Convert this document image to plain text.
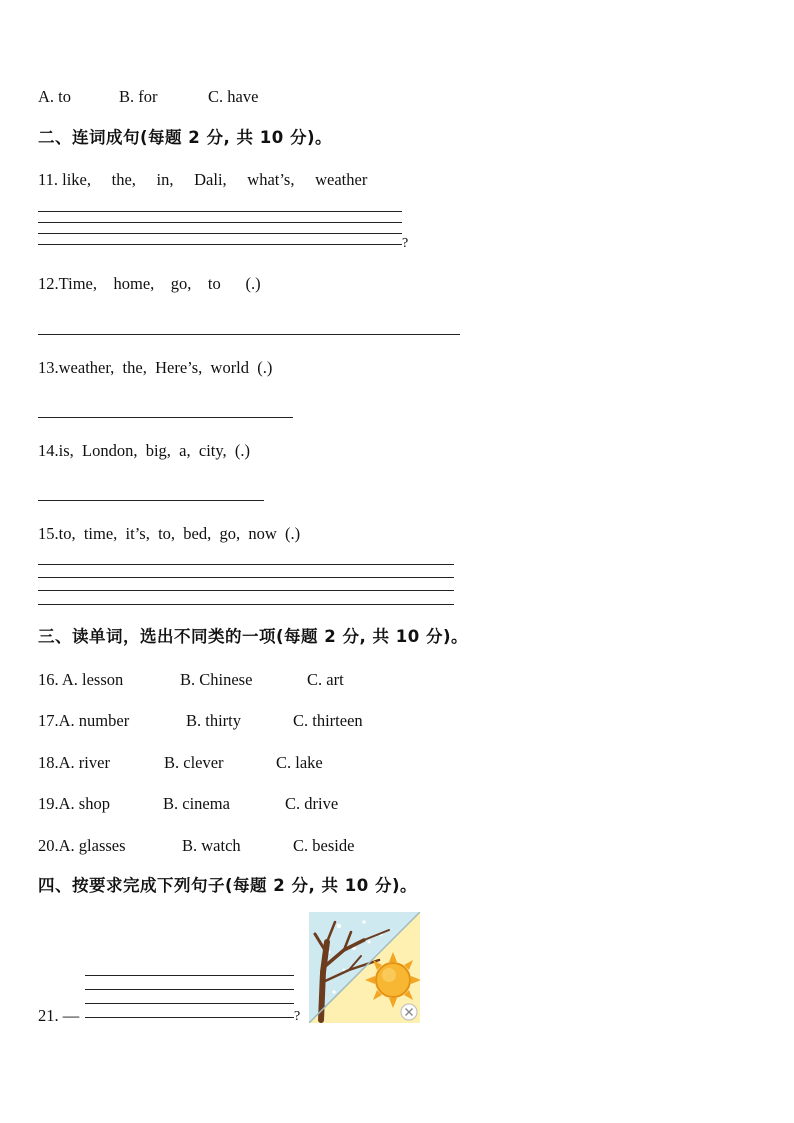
A. to	B. for	C. have
二、连词成句(每题 2 分, 共 10 分)。
11. like,     the,     in,     Dali,     what’s,     weather
?
12.Time,    home,    go,    to      (.)
13.weather,  the,  Here’s,  world  (.)
14.is,  London,  big,  a,  city,  (.)
15.to,  time,  it’s,  to,  bed,  go,  now  (.)
三、读单词，选出不同类的一项(每题 2 分, 共 10 分)。
16. A. lesson	B. Chinese	C. art
17.A. number	B. thirty	C. thirteen
18.A. river	B. clever	C. lake
19.A. shop	B. cinema	C. drive
20.A. glasses	B. watch	C. beside
四、按要求完成下列句子(每题 2 分, 共 10 分)。
21. —	?
